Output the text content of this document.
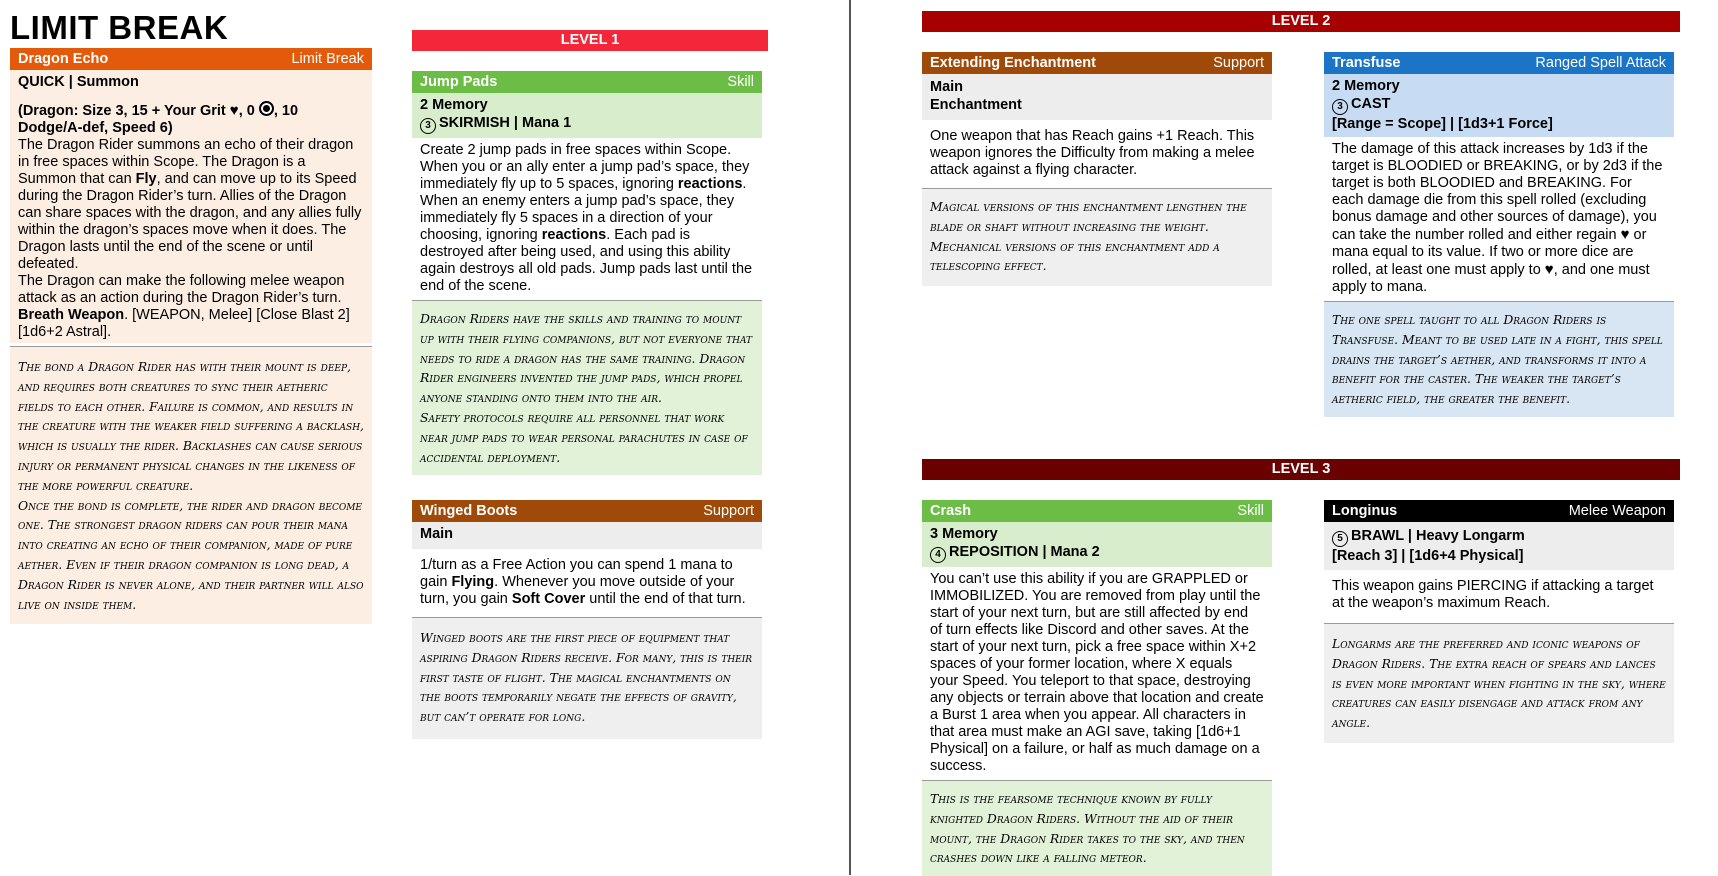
LIMIT BREAK
Dragon Echo	Limit Break
QUICK | Summon

(Dragon: Size 3, 15 + Your Grit ♥, 0 , 10 Dodge/A-def, Speed 6)

The Dragon Rider summons an echo of their dragon in free spaces within Scope. The Dragon is a Summon that can Fly, and can move up to its Speed during the Dragon Rider’s turn. Allies of the Dragon can share spaces with the dragon, and any allies fully within the dragon’s spaces move when it does. The Dragon lasts until the end of the scene or until defeated.

The Dragon can make the following melee weapon attack as an action during the Dragon Rider’s turn.

Breath Weapon. [WEAPON, Melee] [Close Blast 2] [1d6+2 Astral].

The bond a Dragon Rider has with their mount is deep, and requires both creatures to sync their aetheric fields to each other. Failure is common, and results in the creature with the weaker field suffering a backlash, which is usually the rider. Backlashes can cause serious injury or permanent physical changes in the likeness of the more powerful creature.

Once the bond is complete, the rider and dragon become one. The strongest dragon riders can pour their mana into creating an echo of their companion, made of pure aether. Even if their dragon companion is long dead, a Dragon Rider is never alone, and their partner will also live on inside them.

LEVEL 1
Jump Pads	Skill
2 Memory
3 SKIRMISH | Mana 1

Create 2 jump pads in free spaces within Scope. When you or an ally enter a jump pad’s space, they immediately fly up to 5 spaces, ignoring reactions. When an enemy enters a jump pad’s space, they immediately fly 5 spaces in a direction of your choosing, ignoring reactions. Each pad is destroyed after being used, and using this ability again destroys all old pads. Jump pads last until the end of the scene.

Dragon Riders have the skills and training to mount up with their flying companions, but not everyone that needs to ride a dragon has the same training. Dragon Rider engineers invented the jump pads, which propel anyone standing onto them into the air.

Safety protocols require all personnel that work near jump pads to wear personal parachutes in case of accidental deployment.

Winged Boots	Support
Main

1/turn as a Free Action you can spend 1 mana to gain Flying. Whenever you move outside of your turn, you gain Soft Cover until the end of that turn.

Winged boots are the first piece of equipment that aspiring Dragon Riders receive. For many, this is their first taste of flight. The magical enchantments on the boots temporarily negate the effects of gravity, but can’t operate for long.

LEVEL 2
Extending Enchantment	Support
Main
Enchantment

One weapon that has Reach gains +1 Reach. This weapon ignores the Difficulty from making a melee attack against a flying character.

Magical versions of this enchantment lengthen the blade or shaft without increasing the weight.

Mechanical versions of this enchantment add a telescoping effect.

Transfuse	Ranged Spell Attack
2 Memory
3 CAST
[Range = Scope] | [1d3+1 Force]

The damage of this attack increases by 1d3 if the target is BLOODIED or BREAKING, or by 2d3 if the target is both BLOODIED and BREAKING. For each damage die from this spell rolled (excluding bonus damage and other sources of damage), you can take the number rolled and either regain ♥ or mana equal to its value. If two or more dice are rolled, at least one must apply to ♥, and one must apply to mana.

The one spell taught to all Dragon Riders is Transfuse. Meant to be used late in a fight, this spell drains the target’s aether, and transforms it into a benefit for the caster. The weaker the target’s aetheric field, the greater the benefit.

LEVEL 3
Crash	Skill
3 Memory
4 REPOSITION | Mana 2

You can’t use this ability if you are GRAPPLED or IMMOBILIZED. You are removed from play until the start of your next turn, but are still affected by end of turn effects like Discord and other saves. At the start of your next turn, pick a free space within X+2 spaces of your former location, where X equals your Speed. You teleport to that space, destroying any objects or terrain above that location and create a Burst 1 area when you appear. All characters in that area must make an AGI save, taking [1d6+1 Physical] on a failure, or half as much damage on a success.

This is the fearsome technique known by fully knighted Dragon Riders. Without the aid of their mount, the Dragon Rider takes to the sky, and then crashes down like a falling meteor.

Longinus	Melee Weapon
5 BRAWL | Heavy Longarm
[Reach 3] | [1d6+4 Physical]

This weapon gains PIERCING if attacking a target at the weapon’s maximum Reach.

Longarms are the preferred and iconic weapons of Dragon Riders. The extra reach of spears and lances is even more important when fighting in the sky, where creatures can easily disengage and attack from any angle.
